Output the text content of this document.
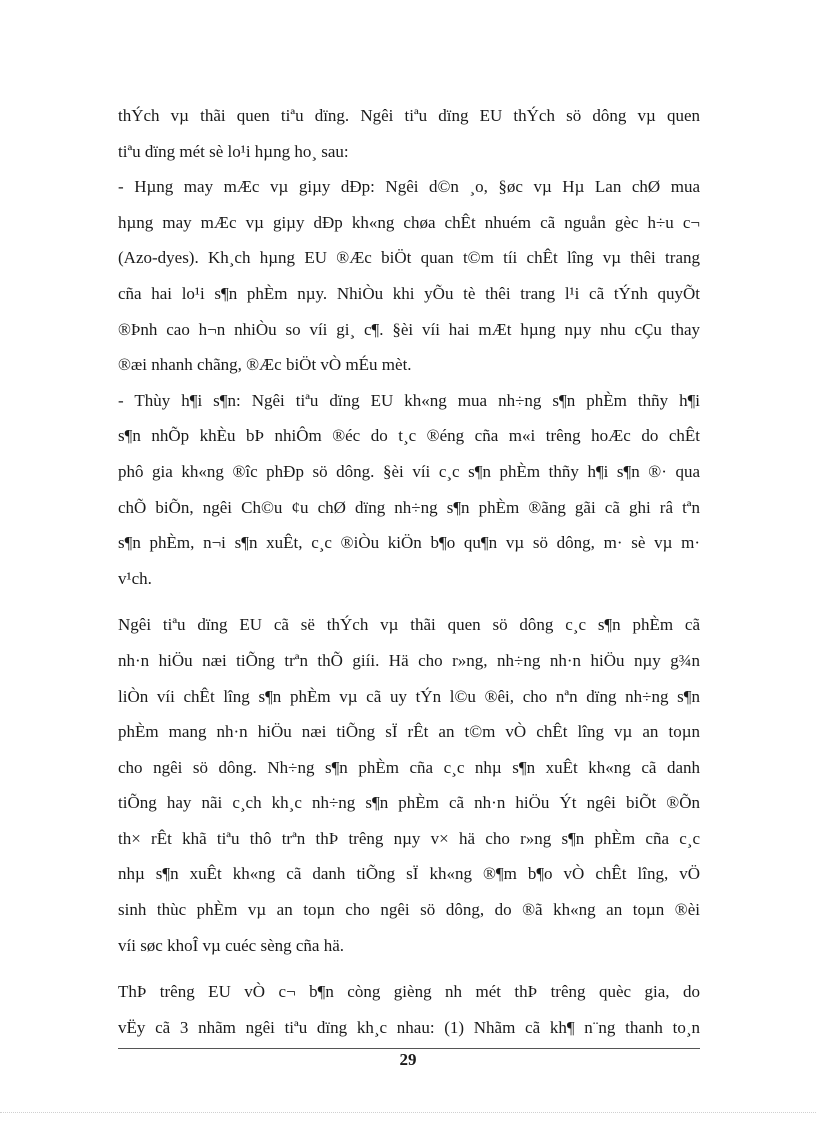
thÝch vµ thãi quen tiªu dïng. Ngêi tiªu dïng EU thÝch sö dông vµ quen
tiªu dïng mét sè lo¹i hµng ho¸ sau:
- Hµng may mÆc vµ giµy dÐp: Ngêi d©n ¸o, §øc vµ Hµ Lan chØ mua
hµng may mÆc vµ giµy dÐp kh«ng chøa chÊt nhuém cã nguån gèc h÷u c¬
(Azo-dyes). Kh¸ch hµng EU ®Æc biÖt quan t©m tíi chÊt lîng vµ thêi trang
cña hai lo¹i s¶n phÈm nµy. NhiÒu khi yÕu tè thêi trang l¹i cã tÝnh quyÕt
®Þnh cao h¬n nhiÒu so víi gi¸ c¶. §èi víi hai mÆt hµng nµy nhu cÇu thay
®æi nhanh chãng, ®Æc biÖt vÒ mÉu mèt.
- Thùy h¶i s¶n: Ngêi tiªu dïng EU kh«ng mua nh÷ng s¶n phÈm thñy h¶i
s¶n nhÕp khÈu bÞ nhiÔm ®éc do t¸c ®éng cña m«i trêng hoÆc do chÊt
phô gia kh«ng ®îc phÐp sö dông. §èi víi c¸c s¶n phÈm thñy h¶i s¶n ®· qua
chÕ biÕn, ngêi Ch©u ¢u chØ dïng nh÷ng s¶n phÈm ®ãng gãi cã ghi râ tªn
s¶n phÈm, n¬i s¶n xuÊt, c¸c ®iÒu kiÖn b¶o qu¶n vµ sö dông, m· sè vµ m·
v¹ch.
Ngêi tiªu dïng EU cã së thÝch vµ thãi quen sö dông c¸c s¶n phÈm cã
nh·n hiÖu næi tiÕng trªn thÕ giíi. Hä cho r»ng, nh÷ng nh·n hiÖu nµy g¾n
liÒn víi chÊt lîng s¶n phÈm vµ cã uy tÝn l©u ®êi, cho nªn dïng nh÷ng s¶n
phÈm mang nh·n hiÖu næi tiÕng sÏ rÊt an t©m vÒ chÊt lîng vµ an toµn
cho ngêi sö dông. Nh÷ng s¶n phÈm cña c¸c nhµ s¶n xuÊt kh«ng cã danh
tiÕng hay nãi c¸ch kh¸c nh÷ng s¶n phÈm cã nh·n hiÖu Ýt ngêi biÕt ®Õn
th× rÊt khã tiªu thô trªn thÞ trêng nµy v× hä cho r»ng s¶n phÈm cña c¸c
nhµ s¶n xuÊt kh«ng cã danh tiÕng sÏ kh«ng ®¶m b¶o vÒ chÊt lîng, vÖ
sinh thùc phÈm vµ an toµn cho ngêi sö dông, do ®ã kh«ng an toµn ®èi
víi søc khoÎ vµ cuéc sèng cña hä.
ThÞ trêng EU vÒ c¬ b¶n còng gièng nh mét thÞ trêng quèc gia, do
vËy cã 3 nhãm ngêi tiªu dïng kh¸c nhau: (1) Nhãm cã kh¶ n¨ng thanh to¸n
29
